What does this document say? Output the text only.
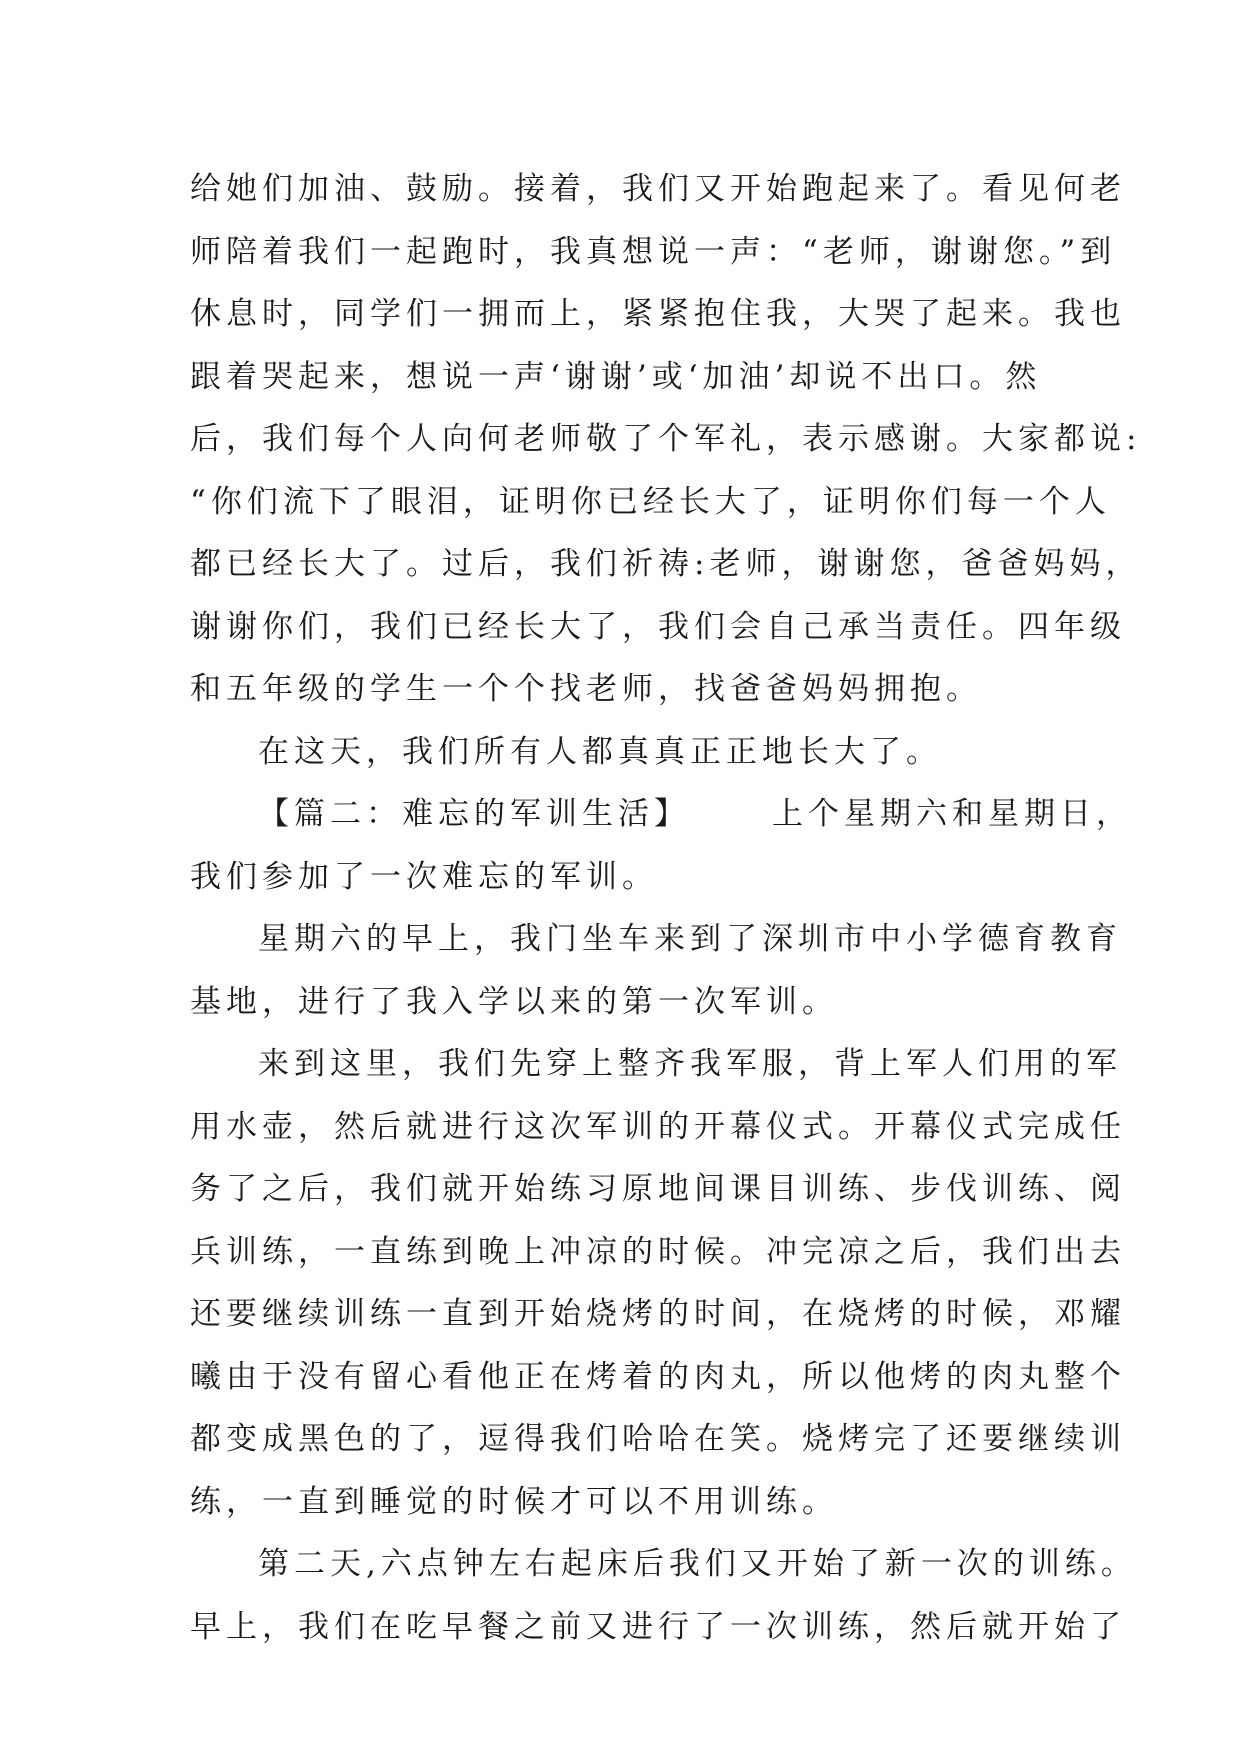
给她们加油、鼓励。接着，我们又开始跑起来了。看见何老
师陪着我们一起跑时，我真想说一声：“老师，谢谢您。”到
休息时，同学们一拥而上，紧紧抱住我，大哭了起来。我也
跟着哭起来，想说一声‘谢谢’或‘加油’却说不出口。然
后，我们每个人向何老师敬了个军礼，表示感谢。大家都说:
“你们流下了眼泪，证明你已经长大了，证明你们每一个人
都已经长大了。过后，我们祈祷:老师，谢谢您，爸爸妈妈，
谢谢你们，我们已经长大了，我们会自己承当责任。四年级
和五年级的学生一个个找老师，找爸爸妈妈拥抱。
在这天，我们所有人都真真正正地长大了。
【篇二：难忘的军训生活】	上个星期六和星期日，
我们参加了一次难忘的军训。
星期六的早上，我门坐车来到了深圳市中小学德育教育
基地，进行了我入学以来的第一次军训。
来到这里，我们先穿上整齐我军服，背上军人们用的军
用水壶，然后就进行这次军训的开幕仪式。开幕仪式完成任
务了之后，我们就开始练习原地间课目训练、步伐训练、阅
兵训练，一直练到晚上冲凉的时候。冲完凉之后，我们出去
还要继续训练一直到开始烧烤的时间，在烧烤的时候，邓耀
曦由于没有留心看他正在烤着的肉丸，所以他烤的肉丸整个
都变成黑色的了，逗得我们哈哈在笑。烧烤完了还要继续训
练，一直到睡觉的时候才可以不用训练。
第二天,六点钟左右起床后我们又开始了新一次的训练。
早上，我们在吃早餐之前又进行了一次训练，然后就开始了
